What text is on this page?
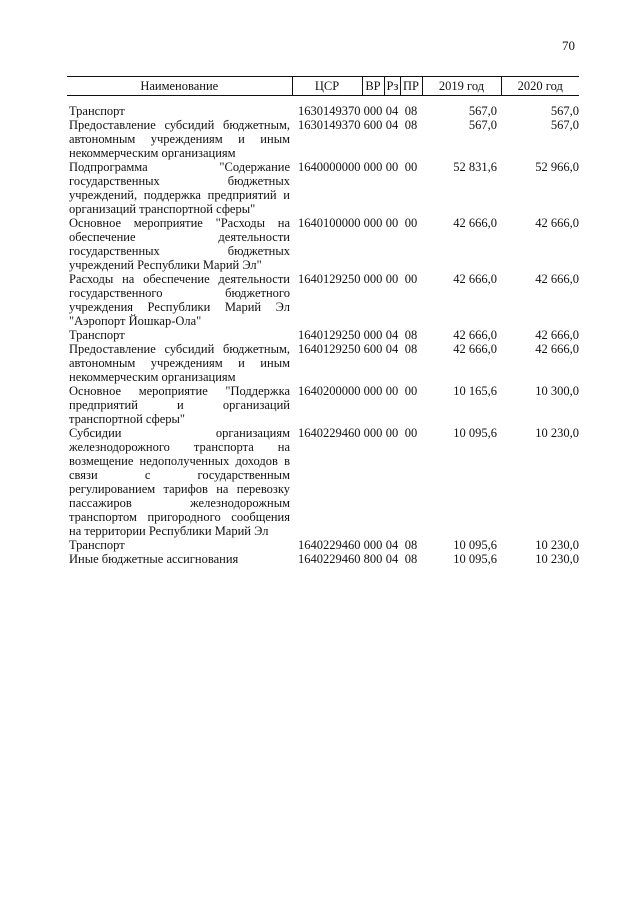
70
Наименование	ЦСР	ВР	Рз	ПР	2019 год	2020 год

Транспорт	1630149370	000	04	08	567,0	567,0
Предоставление субсидий бюджетным, автономным учреждениям и иным некоммерческим организациям	1630149370	600	04	08	567,0	567,0
Подпрограмма "Содержание государственных бюджетных учреждений, поддержка предприятий и организаций транспортной сферы"	1640000000	000	00	00	52 831,6	52 966,0
Основное мероприятие "Расходы на обеспечение деятельности государственных бюджетных учреждений Республики Марий Эл"	1640100000	000	00	00	42 666,0	42 666,0
Расходы на обеспечение деятельности государственного бюджетного учреждения Республики Марий Эл "Аэропорт Йошкар-Ола"	1640129250	000	00	00	42 666,0	42 666,0
Транспорт	1640129250	000	04	08	42 666,0	42 666,0
Предоставление субсидий бюджетным, автономным учреждениям и иным некоммерческим организациям	1640129250	600	04	08	42 666,0	42 666,0
Основное мероприятие "Поддержка предприятий и организаций транспортной сферы"	1640200000	000	00	00	10 165,6	10 300,0
Субсидии организациям железнодорожного транспорта на возмещение недополученных доходов в связи с государственным регулированием тарифов на перевозку пассажиров железнодорожным транспортом пригородного сообщения на территории Республики Марий Эл	1640229460	000	00	00	10 095,6	10 230,0
Транспорт	1640229460	000	04	08	10 095,6	10 230,0
Иные бюджетные ассигнования	1640229460	800	04	08	10 095,6	10 230,0
